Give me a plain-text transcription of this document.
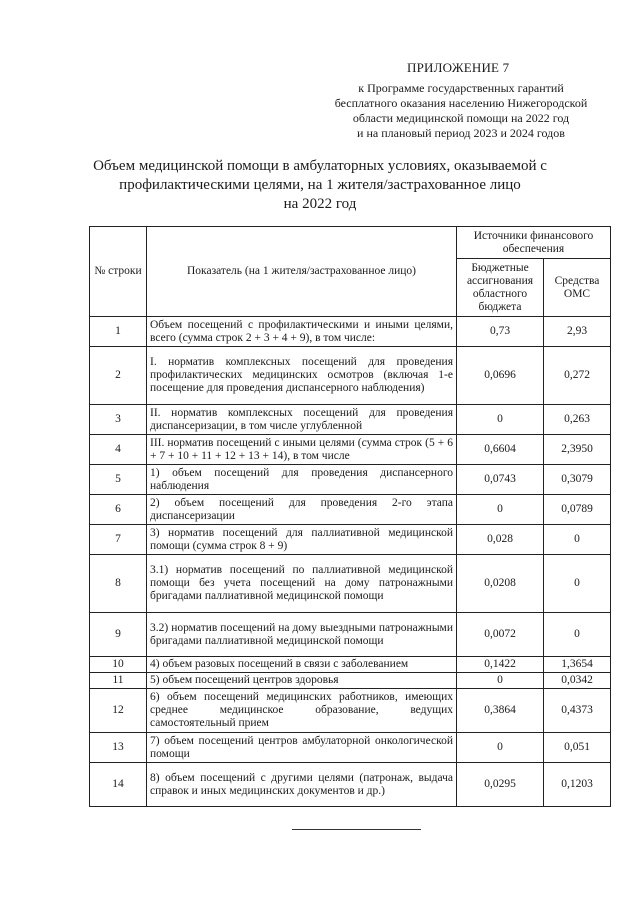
ПРИЛОЖЕНИЕ 7
к Программе государственных гарантий
бесплатного оказания населению Нижегородской
области медицинской помощи на 2022 год
и на плановый период 2023 и 2024 годов
Объем медицинской помощи в амбулаторных условиях, оказываемой с
профилактическими целями, на 1 жителя/застрахованное лицо
на 2022 год
№ строки	Показатель (на 1 жителя/застрахованное лицо)	Источники финансового обеспечения	
		Бюджетные ассигнования областного бюджета	Средства ОМС
1	Объем посещений с профилактическими и иными целями, всего (сумма строк 2 + 3 + 4 + 9), в том числе:	0,73	2,93
2	I. норматив комплексных посещений для проведения профилактических медицинских осмотров (включая 1-е посещение для проведения диспансерного наблюдения)	0,0696	0,272
3	II. норматив комплексных посещений для проведения диспансеризации, в том числе углубленной	0	0,263
4	III. норматив посещений с иными целями (сумма строк (5 + 6 + 7 + 10 + 11 + 12 + 13 + 14), в том числе	0,6604	2,3950
5	1) объем посещений для проведения диспансерного наблюдения	0,0743	0,3079
6	2) объем посещений для проведения 2-го этапа диспансеризации	0	0,0789
7	3) норматив посещений для паллиативной медицинской помощи (сумма строк 8 + 9)	0,028	0
8	3.1) норматив посещений по паллиативной медицинской помощи без учета посещений на дому патронажными бригадами паллиативной медицинской помощи	0,0208	0
9	3.2) норматив посещений на дому выездными патронажными бригадами паллиативной медицинской помощи	0,0072	0
10	4) объем разовых посещений в связи с заболеванием	0,1422	1,3654
11	5) объем посещений центров здоровья	0	0,0342
12	6) объем посещений медицинских работников, имеющих среднее медицинское образование, ведущих самостоятельный прием	0,3864	0,4373
13	7) объем посещений центров амбулаторной онкологической помощи	0	0,051
14	8) объем посещений с другими целями (патронаж, выдача справок и иных медицинских документов и др.)	0,0295	0,1203
